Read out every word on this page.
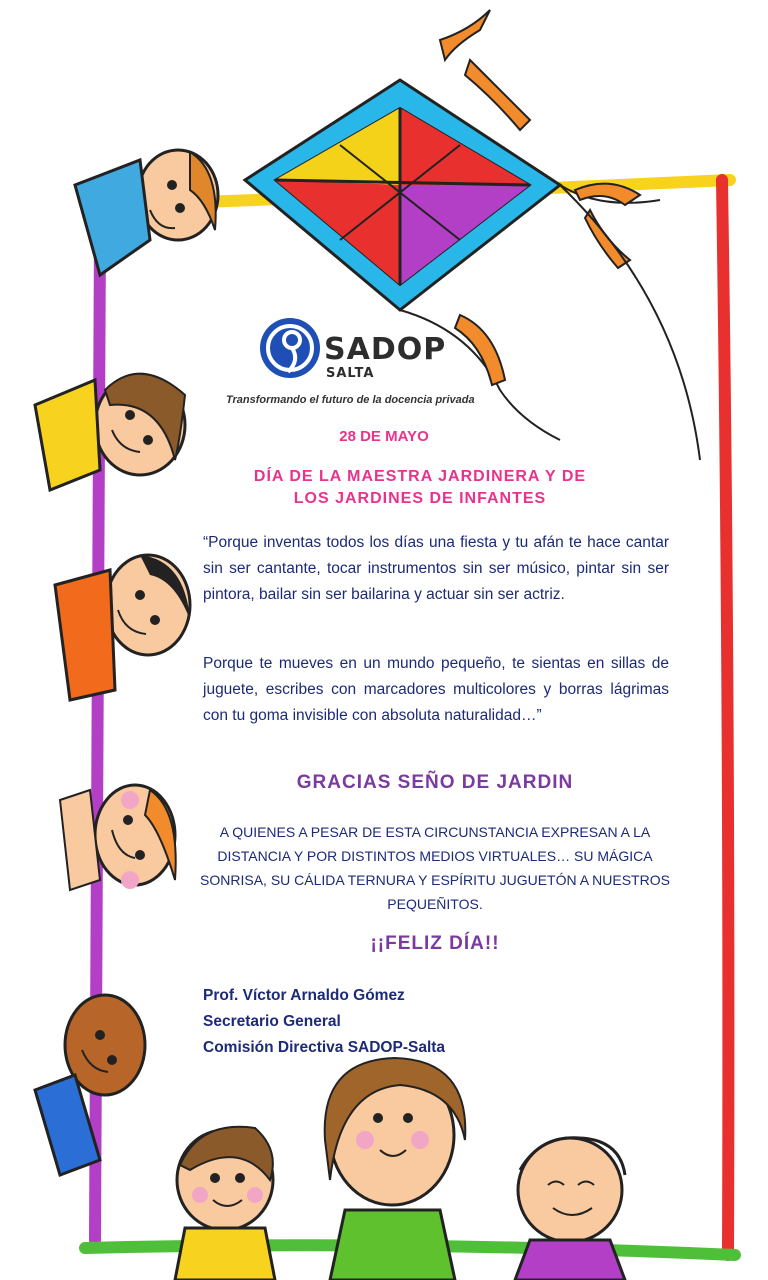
SADOP
SALTA
Transformando el futuro de la docencia privada
28 DE MAYO
DÍA DE LA MAESTRA JARDINERA Y DE
LOS JARDINES DE INFANTES
“Porque inventas todos los días una fiesta y tu afán te hace cantar sin ser cantante, tocar instrumentos sin ser músico, pintar sin ser pintora, bailar sin ser bailarina y actuar sin ser actriz.
Porque te mueves en un mundo pequeño, te sientas en sillas de juguete, escribes con marcadores multicolores y borras lágrimas con tu goma invisible con absoluta naturalidad…”
GRACIAS SEÑO DE JARDIN
A QUIENES A PESAR DE ESTA CIRCUNSTANCIA EXPRESAN A LA DISTANCIA Y POR DISTINTOS MEDIOS VIRTUALES… SU MÁGICA SONRISA, SU CÁLIDA TERNURA Y ESPÍRITU JUGUETÓN A NUESTROS PEQUEÑITOS.
¡¡FELIZ DÍA!!
Prof. Víctor Arnaldo Gómez
Secretario General
Comisión Directiva SADOP-Salta
